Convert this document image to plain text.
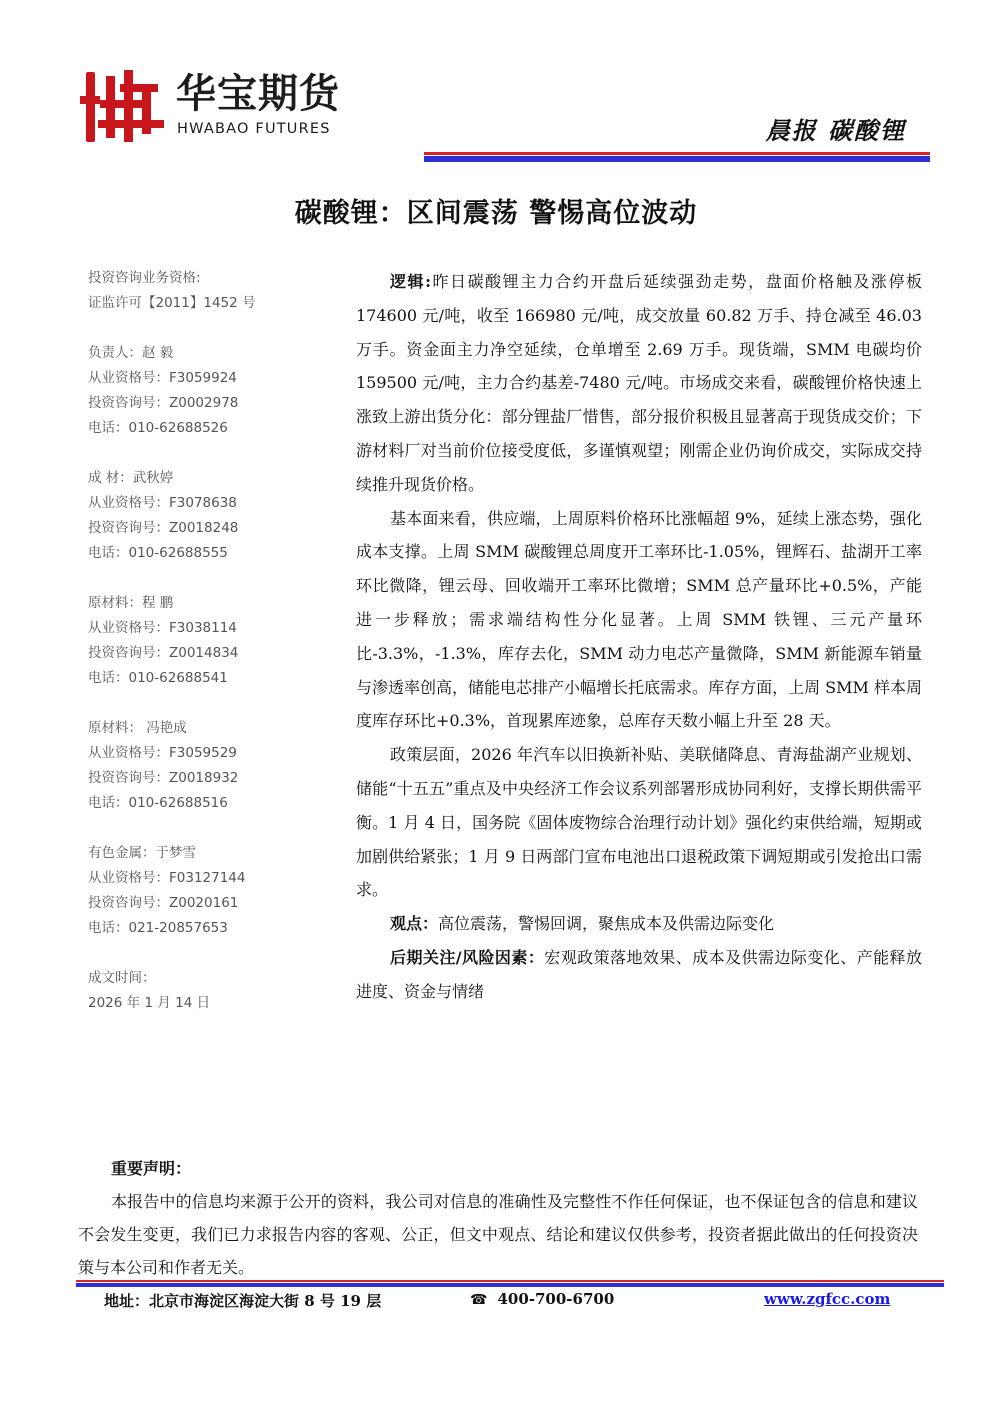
华宝期货
HWABAO FUTURES	晨报 碳酸锂
碳酸锂：区间震荡 警惕高位波动
投资咨询业务资格:
证监许可【2011】1452 号
负责人：赵 毅
从业资格号：F3059924
投资咨询号：Z0002978
电话：010-62688526
成 材：武秋婷
从业资格号：F3078638
投资咨询号：Z0018248
电话：010-62688555
原材料：程 鹏
从业资格号：F3038114
投资咨询号：Z0014834
电话：010-62688541
原材料： 冯艳成
从业资格号：F3059529
投资咨询号：Z0018932
电话：010-62688516
有色金属：于梦雪
从业资格号：F03127144
投资咨询号：Z0020161
电话：021-20857653
成文时间：
2026 年 1 月 14 日

逻辑:昨日碳酸锂主力合约开盘后延续强劲走势，盘面价格触及涨停板 174600 元/吨，收至 166980 元/吨，成交放量 60.82 万手、持仓减至 46.03 万手。资金面主力净空延续，仓单增至 2.69 万手。现货端，SMM 电碳均价 159500 元/吨，主力合约基差-7480 元/吨。市场成交来看，碳酸锂价格快速上涨致上游出货分化：部分锂盐厂惜售，部分报价积极且显著高于现货成交价；下游材料厂对当前价位接受度低，多谨慎观望；刚需企业仍询价成交，实际成交持续推升现货价格。

基本面来看，供应端，上周原料价格环比涨幅超 9%，延续上涨态势，强化成本支撑。上周 SMM 碳酸锂总周度开工率环比-1.05%，锂辉石、盐湖开工率环比微降，锂云母、回收端开工率环比微增；SMM 总产量环比+0.5%，产能进一步释放；需求端结构性分化显著。上周 SMM 铁锂、三元产量环比-3.3%，-1.3%，库存去化，SMM 动力电芯产量微降，SMM 新能源车销量与渗透率创高，储能电芯排产小幅增长托底需求。库存方面，上周 SMM 样本周度库存环比+0.3%，首现累库迹象，总库存天数小幅上升至 28 天。

政策层面，2026 年汽车以旧换新补贴、美联储降息、青海盐湖产业规划、储能“十五五”重点及中央经济工作会议系列部署形成协同利好，支撑长期供需平衡。1 月 4 日，国务院《固体废物综合治理行动计划》强化约束供给端，短期或加剧供给紧张；1 月 9 日两部门宣布电池出口退税政策下调短期或引发抢出口需求。

观点：高位震荡，警惕回调，聚焦成本及供需边际变化

后期关注/风险因素：宏观政策落地效果、成本及供需边际变化、产能释放进度、资金与情绪

重要声明：

本报告中的信息均来源于公开的资料，我公司对信息的准确性及完整性不作任何保证，也不保证包含的信息和建议不会发生变更，我们已力求报告内容的客观、公正，但文中观点、结论和建议仅供参考，投资者据此做出的任何投资决策与本公司和作者无关。

地址：北京市海淀区海淀大街 8 号 19 层	☎ 400-700-6700	www.zgfcc.com
